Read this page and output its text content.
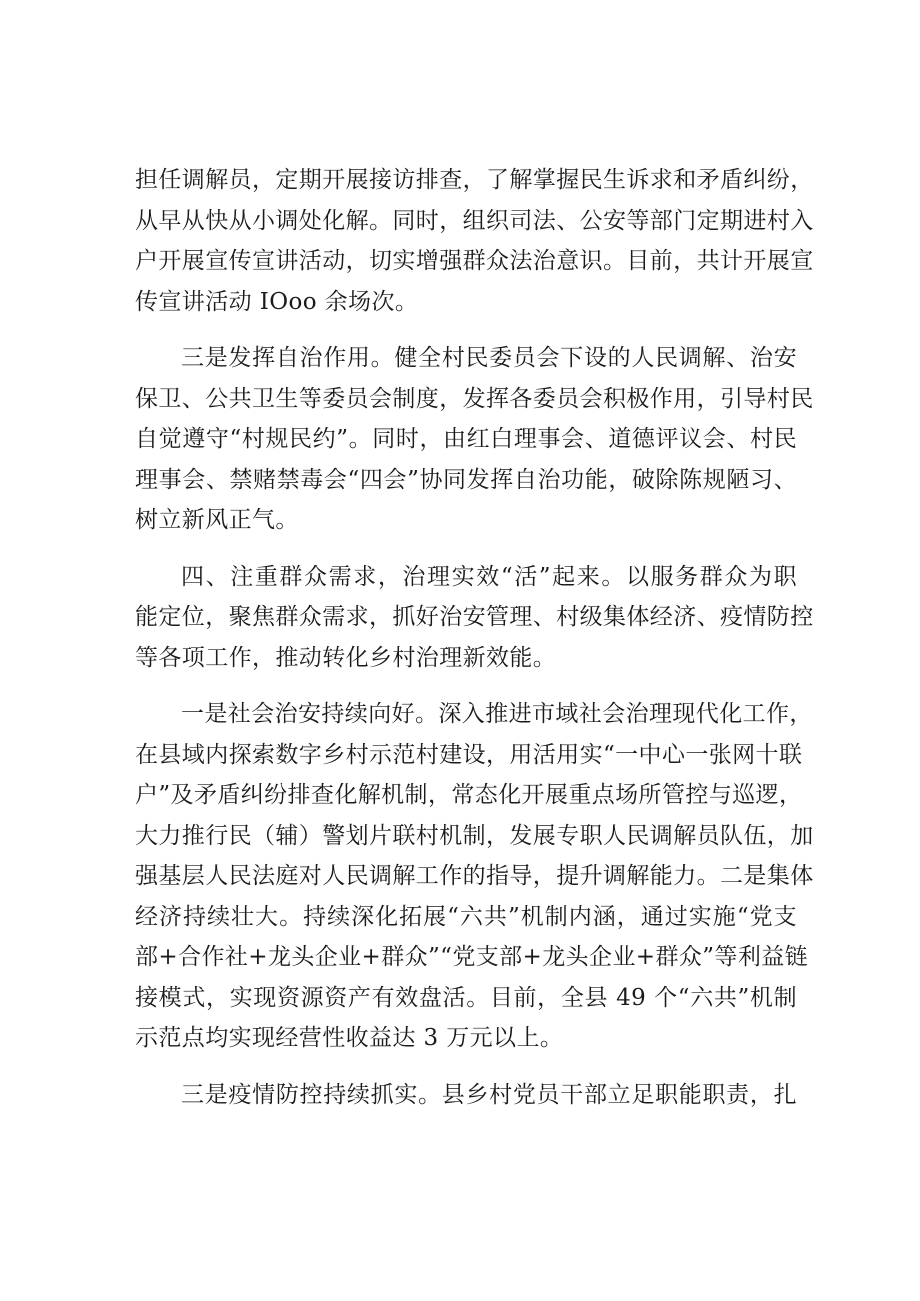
担任调解员，定期开展接访排查，了解掌握民生诉求和矛盾纠纷，
从早从快从小调处化解。同时，组织司法、公安等部门定期进村入
户开展宣传宣讲活动，切实增强群众法治意识。目前，共计开展宣
传宣讲活动 IOoo 余场次。

三是发挥自治作用。健全村民委员会下设的人民调解、治安
保卫、公共卫生等委员会制度，发挥各委员会积极作用，引导村民
自觉遵守“村规民约”。同时，由红白理事会、道德评议会、村民
理事会、禁赌禁毒会“四会”协同发挥自治功能，破除陈规陋习、
树立新风正气。

四、注重群众需求，治理实效“活”起来。以服务群众为职
能定位，聚焦群众需求，抓好治安管理、村级集体经济、疫情防控
等各项工作，推动转化乡村治理新效能。

一是社会治安持续向好。深入推进市域社会治理现代化工作，
在县域内探索数字乡村示范村建设，用活用实“一中心一张网十联
户”及矛盾纠纷排查化解机制，常态化开展重点场所管控与巡逻，
大力推行民（辅）警划片联村机制，发展专职人民调解员队伍，加
强基层人民法庭对人民调解工作的指导，提升调解能力。二是集体
经济持续壮大。持续深化拓展“六共”机制内涵，通过实施“党支
部+合作社+龙头企业+群众”“党支部+龙头企业+群众”等利益链
接模式，实现资源资产有效盘活。目前，全县 49 个“六共”机制
示范点均实现经营性收益达 3 万元以上。

三是疫情防控持续抓实。县乡村党员干部立足职能职责，扎
